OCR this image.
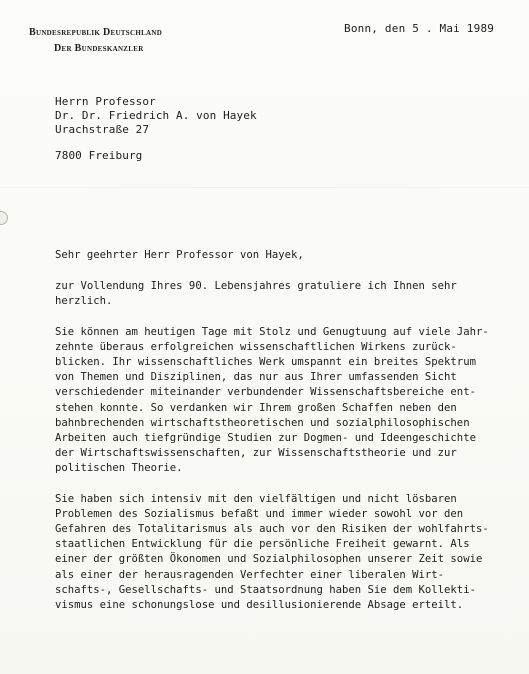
Bundesrepublik Deutschland
Der Bundeskanzler
Bonn, den 5 . Mai 1989
Herrn Professor
Dr. Dr. Friedrich A. von Hayek
Urachstraße 27
7800 Freiburg

Sehr geehrter Herr Professor von Hayek,

zur Vollendung Ihres 90. Lebensjahres gratuliere ich Ihnen sehr
herzlich.

Sie können am heutigen Tage mit Stolz und Genugtuung auf viele Jahr-
zehnte überaus erfolgreichen wissenschaftlichen Wirkens zurück-
blicken. Ihr wissenschaftliches Werk umspannt ein breites Spektrum
von Themen und Disziplinen, das nur aus Ihrer umfassenden Sicht
verschiedender miteinander verbundender Wissenschaftsbereiche ent-
stehen konnte. So verdanken wir Ihrem großen Schaffen neben den
bahnbrechenden wirtschaftstheoretischen und sozialphilosophischen
Arbeiten auch tiefgründige Studien zur Dogmen- und Ideengeschichte
der Wirtschaftswissenschaften, zur Wissenschaftstheorie und zur
politischen Theorie.

Sie haben sich intensiv mit den vielfältigen und nicht lösbaren
Problemen des Sozialismus befaßt und immer wieder sowohl vor den
Gefahren des Totalitarismus als auch vor den Risiken der wohlfahrts-
staatlichen Entwicklung für die persönliche Freiheit gewarnt. Als
einer der größten Ökonomen und Sozialphilosophen unserer Zeit sowie
als einer der herausragenden Verfechter einer liberalen Wirt-
schafts-, Gesellschafts- und Staatsordnung haben Sie dem Kollekti-
vismus eine schonungslose und desillusionierende Absage erteilt.
